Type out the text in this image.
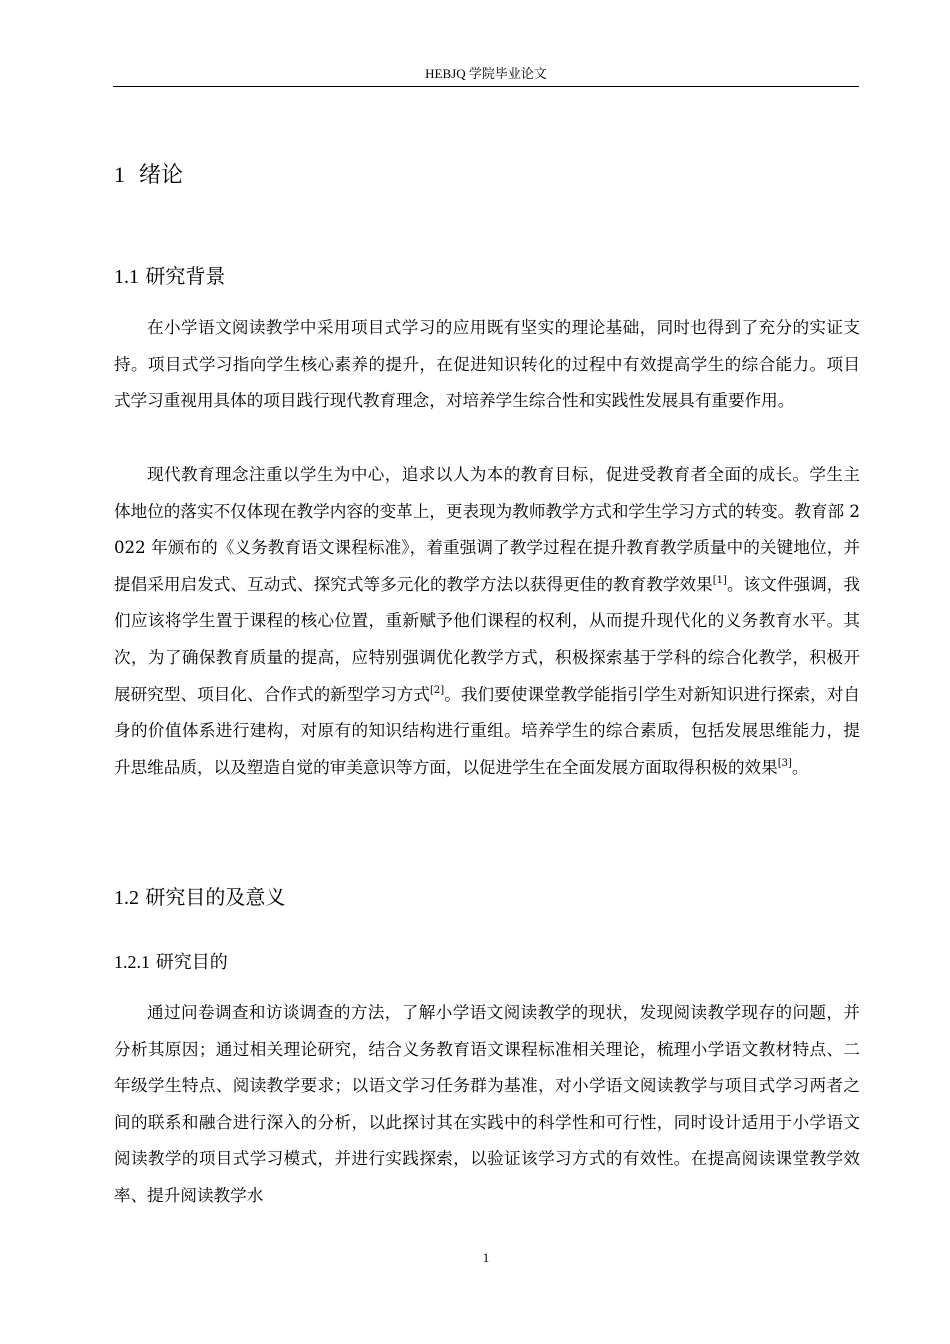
HEBJQ 学院毕业论文
1 绪论
1.1 研究背景

在小学语文阅读教学中采用项目式学习的应用既有坚实的理论基础，同时也得到了充分的实证支持。项目式学习指向学生核心素养的提升，在促进知识转化的过程中有效提高学生的综合能力。项目式学习重视用具体的项目践行现代教育理念，对培养学生综合性和实践性发展具有重要作用。

现代教育理念注重以学生为中心，追求以人为本的教育目标，促进受教育者全面的成长。学生主体地位的落实不仅体现在教学内容的变革上，更表现为教师教学方式和学生学习方式的转变。教育部 2022 年颁布的《义务教育语文课程标准》，着重强调了教学过程在提升教育教学质量中的关键地位，并提倡采用启发式、互动式、探究式等多元化的教学方法以获得更佳的教育教学效果[1]。该文件强调，我们应该将学生置于课程的核心位置，重新赋予他们课程的权利，从而提升现代化的义务教育水平。其次，为了确保教育质量的提高，应特别强调优化教学方式，积极探索基于学科的综合化教学，积极开展研究型、项目化、合作式的新型学习方式[2]。我们要使课堂教学能指引学生对新知识进行探索，对自身的价值体系进行建构，对原有的知识结构进行重组。培养学生的综合素质，包括发展思维能力，提升思维品质，以及塑造自觉的审美意识等方面，以促进学生在全面发展方面取得积极的效果[3]。

1.2 研究目的及意义
1.2.1 研究目的

通过问卷调查和访谈调查的方法，了解小学语文阅读教学的现状，发现阅读教学现存的问题，并分析其原因；通过相关理论研究，结合义务教育语文课程标准相关理论，梳理小学语文教材特点、二年级学生特点、阅读教学要求；以语文学习任务群为基准，对小学语文阅读教学与项目式学习两者之间的联系和融合进行深入的分析，以此探讨其在实践中的科学性和可行性，同时设计适用于小学语文阅读教学的项目式学习模式，并进行实践探索，以验证该学习方式的有效性。在提高阅读课堂教学效率、提升阅读教学水

1
